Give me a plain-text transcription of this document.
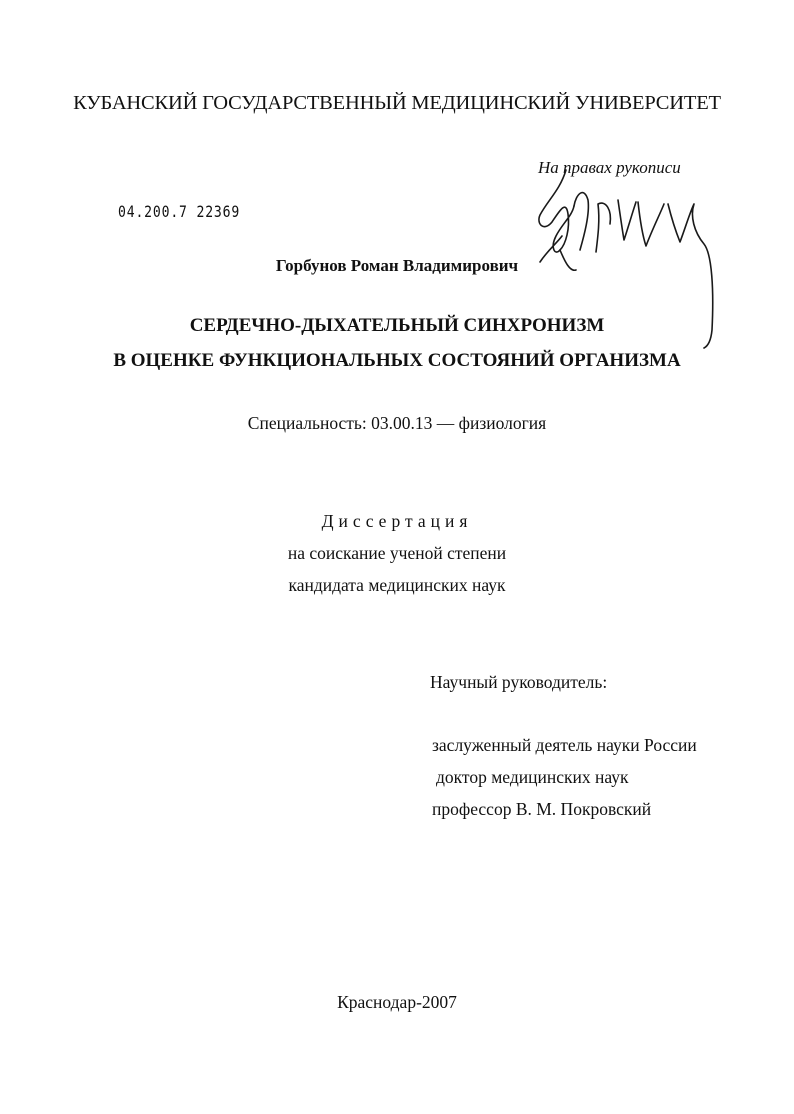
КУБАНСКИЙ ГОСУДАРСТВЕННЫЙ МЕДИЦИНСКИЙ УНИВЕРСИТЕТ
На правах рукописи
04.200.7 22369
Горбунов Роман Владимирович
СЕРДЕЧНО-ДЫХАТЕЛЬНЫЙ СИНХРОНИЗМ
В ОЦЕНКЕ ФУНКЦИОНАЛЬНЫХ СОСТОЯНИЙ ОРГАНИЗМА
Специальность: 03.00.13 — физиология
Диссертация
на соискание ученой степени
кандидата медицинских наук
Научный руководитель:
заслуженный деятель науки России
доктор медицинских наук
профессор В. М. Покровский
Краснодар-2007
